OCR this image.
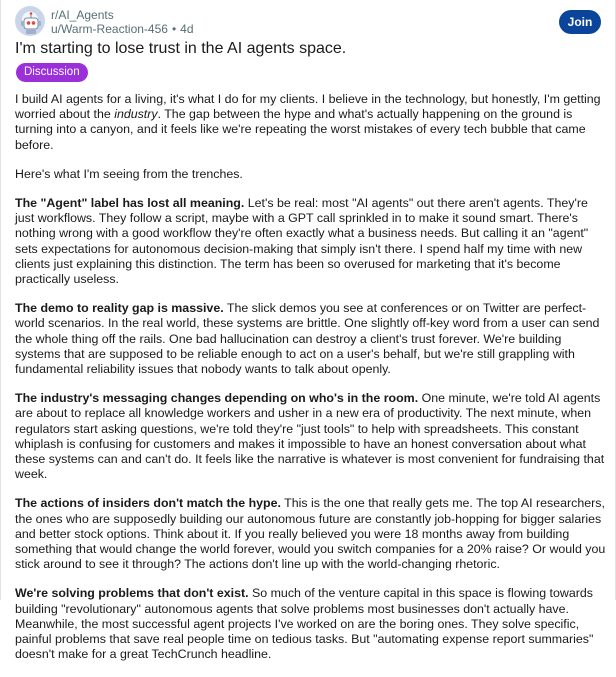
r/AI_Agents
u/Warm-Reaction-456 • 4d	Join
I'm starting to lose trust in the AI agents space.
Discussion

I build AI agents for a living, it's what I do for my clients. I believe in the technology, but honestly, I'm getting worried about the industry. The gap between the hype and what's actually happening on the ground is turning into a canyon, and it feels like we're repeating the worst mistakes of every tech bubble that came before.

Here's what I'm seeing from the trenches.

The "Agent" label has lost all meaning. Let's be real: most "AI agents" out there aren't agents. They're just workflows. They follow a script, maybe with a GPT call sprinkled in to make it sound smart. There's nothing wrong with a good workflow they're often exactly what a business needs. But calling it an "agent" sets expectations for autonomous decision-making that simply isn't there. I spend half my time with new clients just explaining this distinction. The term has been so overused for marketing that it's become practically useless.

The demo to reality gap is massive. The slick demos you see at conferences or on Twitter are perfect-world scenarios. In the real world, these systems are brittle. One slightly off-key word from a user can send the whole thing off the rails. One bad hallucination can destroy a client's trust forever. We're building systems that are supposed to be reliable enough to act on a user's behalf, but we're still grappling with fundamental reliability issues that nobody wants to talk about openly.

The industry's messaging changes depending on who's in the room. One minute, we're told AI agents are about to replace all knowledge workers and usher in a new era of productivity. The next minute, when regulators start asking questions, we're told they're "just tools" to help with spreadsheets. This constant whiplash is confusing for customers and makes it impossible to have an honest conversation about what these systems can and can't do. It feels like the narrative is whatever is most convenient for fundraising that week.

The actions of insiders don't match the hype. This is the one that really gets me. The top AI researchers, the ones who are supposedly building our autonomous future are constantly job-hopping for bigger salaries and better stock options. Think about it. If you really believed you were 18 months away from building something that would change the world forever, would you switch companies for a 20% raise? Or would you stick around to see it through? The actions don't line up with the world-changing rhetoric.

We're solving problems that don't exist. So much of the venture capital in this space is flowing towards building "revolutionary" autonomous agents that solve problems most businesses don't actually have. Meanwhile, the most successful agent projects I've worked on are the boring ones. They solve specific, painful problems that save real people time on tedious tasks. But "automating expense report summaries" doesn't make for a great TechCrunch headline.
